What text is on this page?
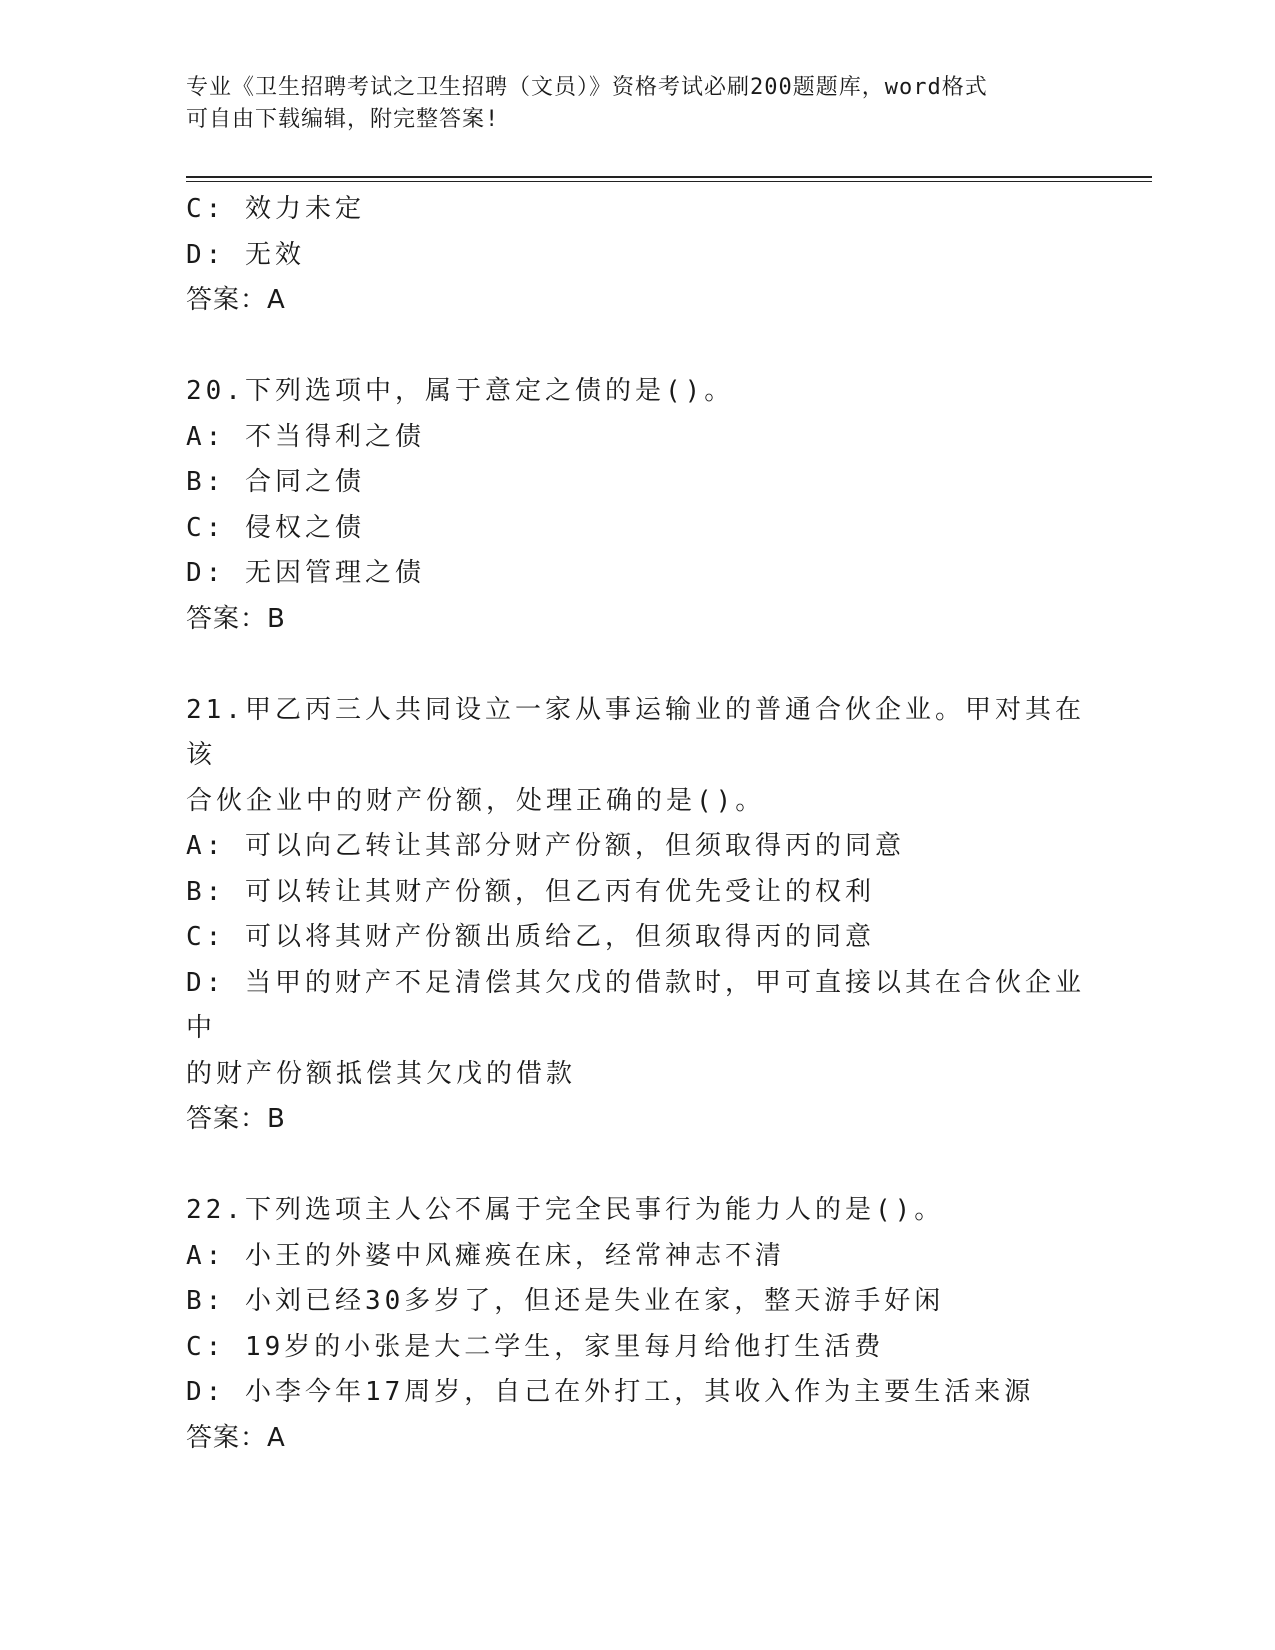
专业《卫生招聘考试之卫生招聘（文员）》资格考试必刷200题题库，word格式
可自由下载编辑，附完整答案!
C: 效力未定
D: 无效
答案：A
20.下列选项中，属于意定之债的是()。
A: 不当得利之债
B: 合同之债
C: 侵权之债
D: 无因管理之债
答案：B
21.甲乙丙三人共同设立一家从事运输业的普通合伙企业。甲对其在该
合伙企业中的财产份额，处理正确的是()。
A: 可以向乙转让其部分财产份额，但须取得丙的同意
B: 可以转让其财产份额，但乙丙有优先受让的权利
C: 可以将其财产份额出质给乙，但须取得丙的同意
D: 当甲的财产不足清偿其欠戊的借款时，甲可直接以其在合伙企业中
的财产份额抵偿其欠戊的借款
答案：B
22.下列选项主人公不属于完全民事行为能力人的是()。
A: 小王的外婆中风瘫痪在床，经常神志不清
B: 小刘已经30多岁了，但还是失业在家，整天游手好闲
C: 19岁的小张是大二学生，家里每月给他打生活费
D: 小李今年17周岁，自己在外打工，其收入作为主要生活来源
答案：A
